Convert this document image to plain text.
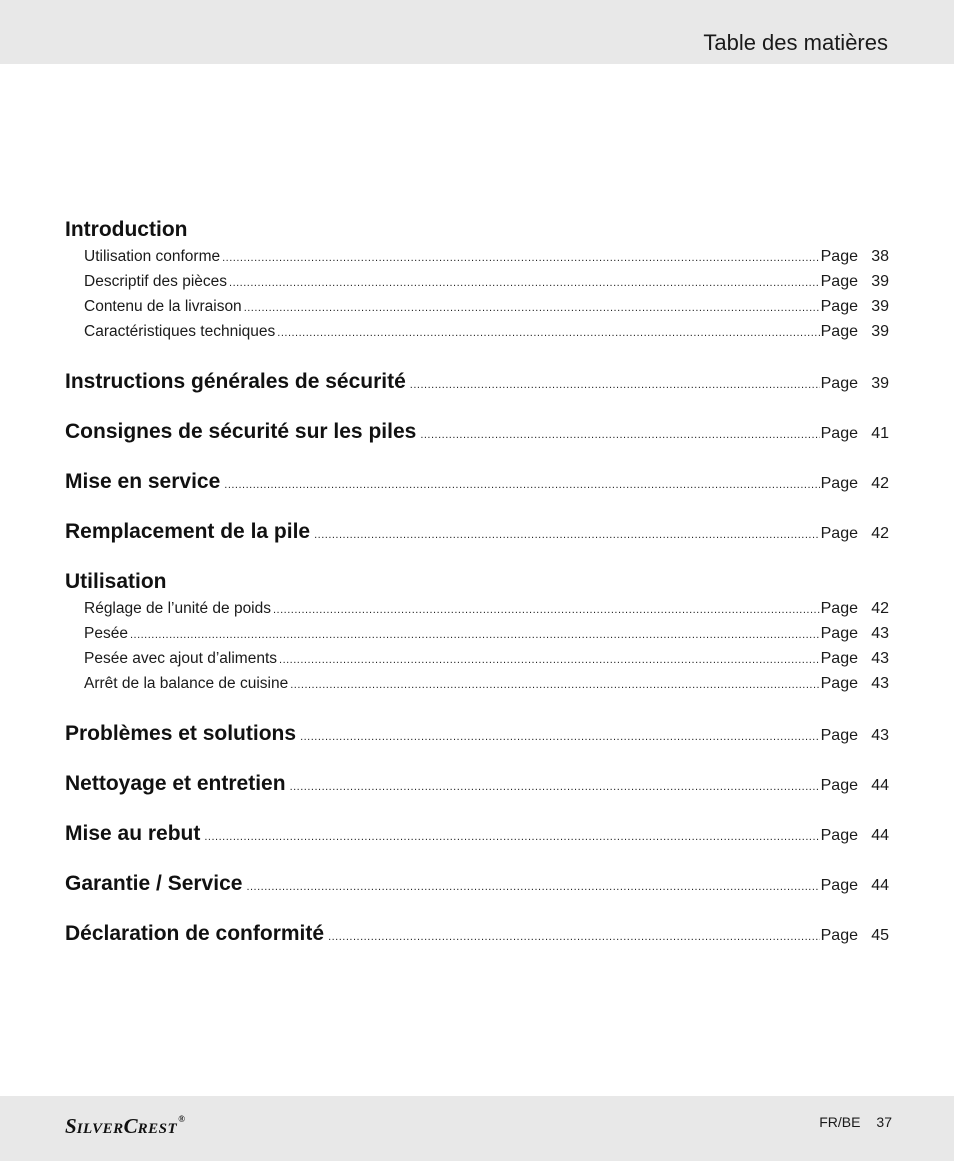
Table des matières
Introduction
Utilisation conforme .....	Page 38
Descriptif des pièces .....	Page 39
Contenu de la livraison .....	Page 39
Caractéristiques techniques .....	Page 39
Instructions générales de sécurité .....	Page 39
Consignes de sécurité sur les piles .....	Page 41
Mise en service .....	Page 42
Remplacement de la pile .....	Page 42
Utilisation
Réglage de l’unité de poids .....	Page 42
Pesée .....	Page 43
Pesée avec ajout d’aliments .....	Page 43
Arrêt de la balance de cuisine .....	Page 43
Problèmes et solutions .....	Page 43
Nettoyage et entretien .....	Page 44
Mise au rebut .....	Page 44
Garantie / Service .....	Page 44
Déclaration de conformité .....	Page 45
SILVERCREST®	FR/BE 37
